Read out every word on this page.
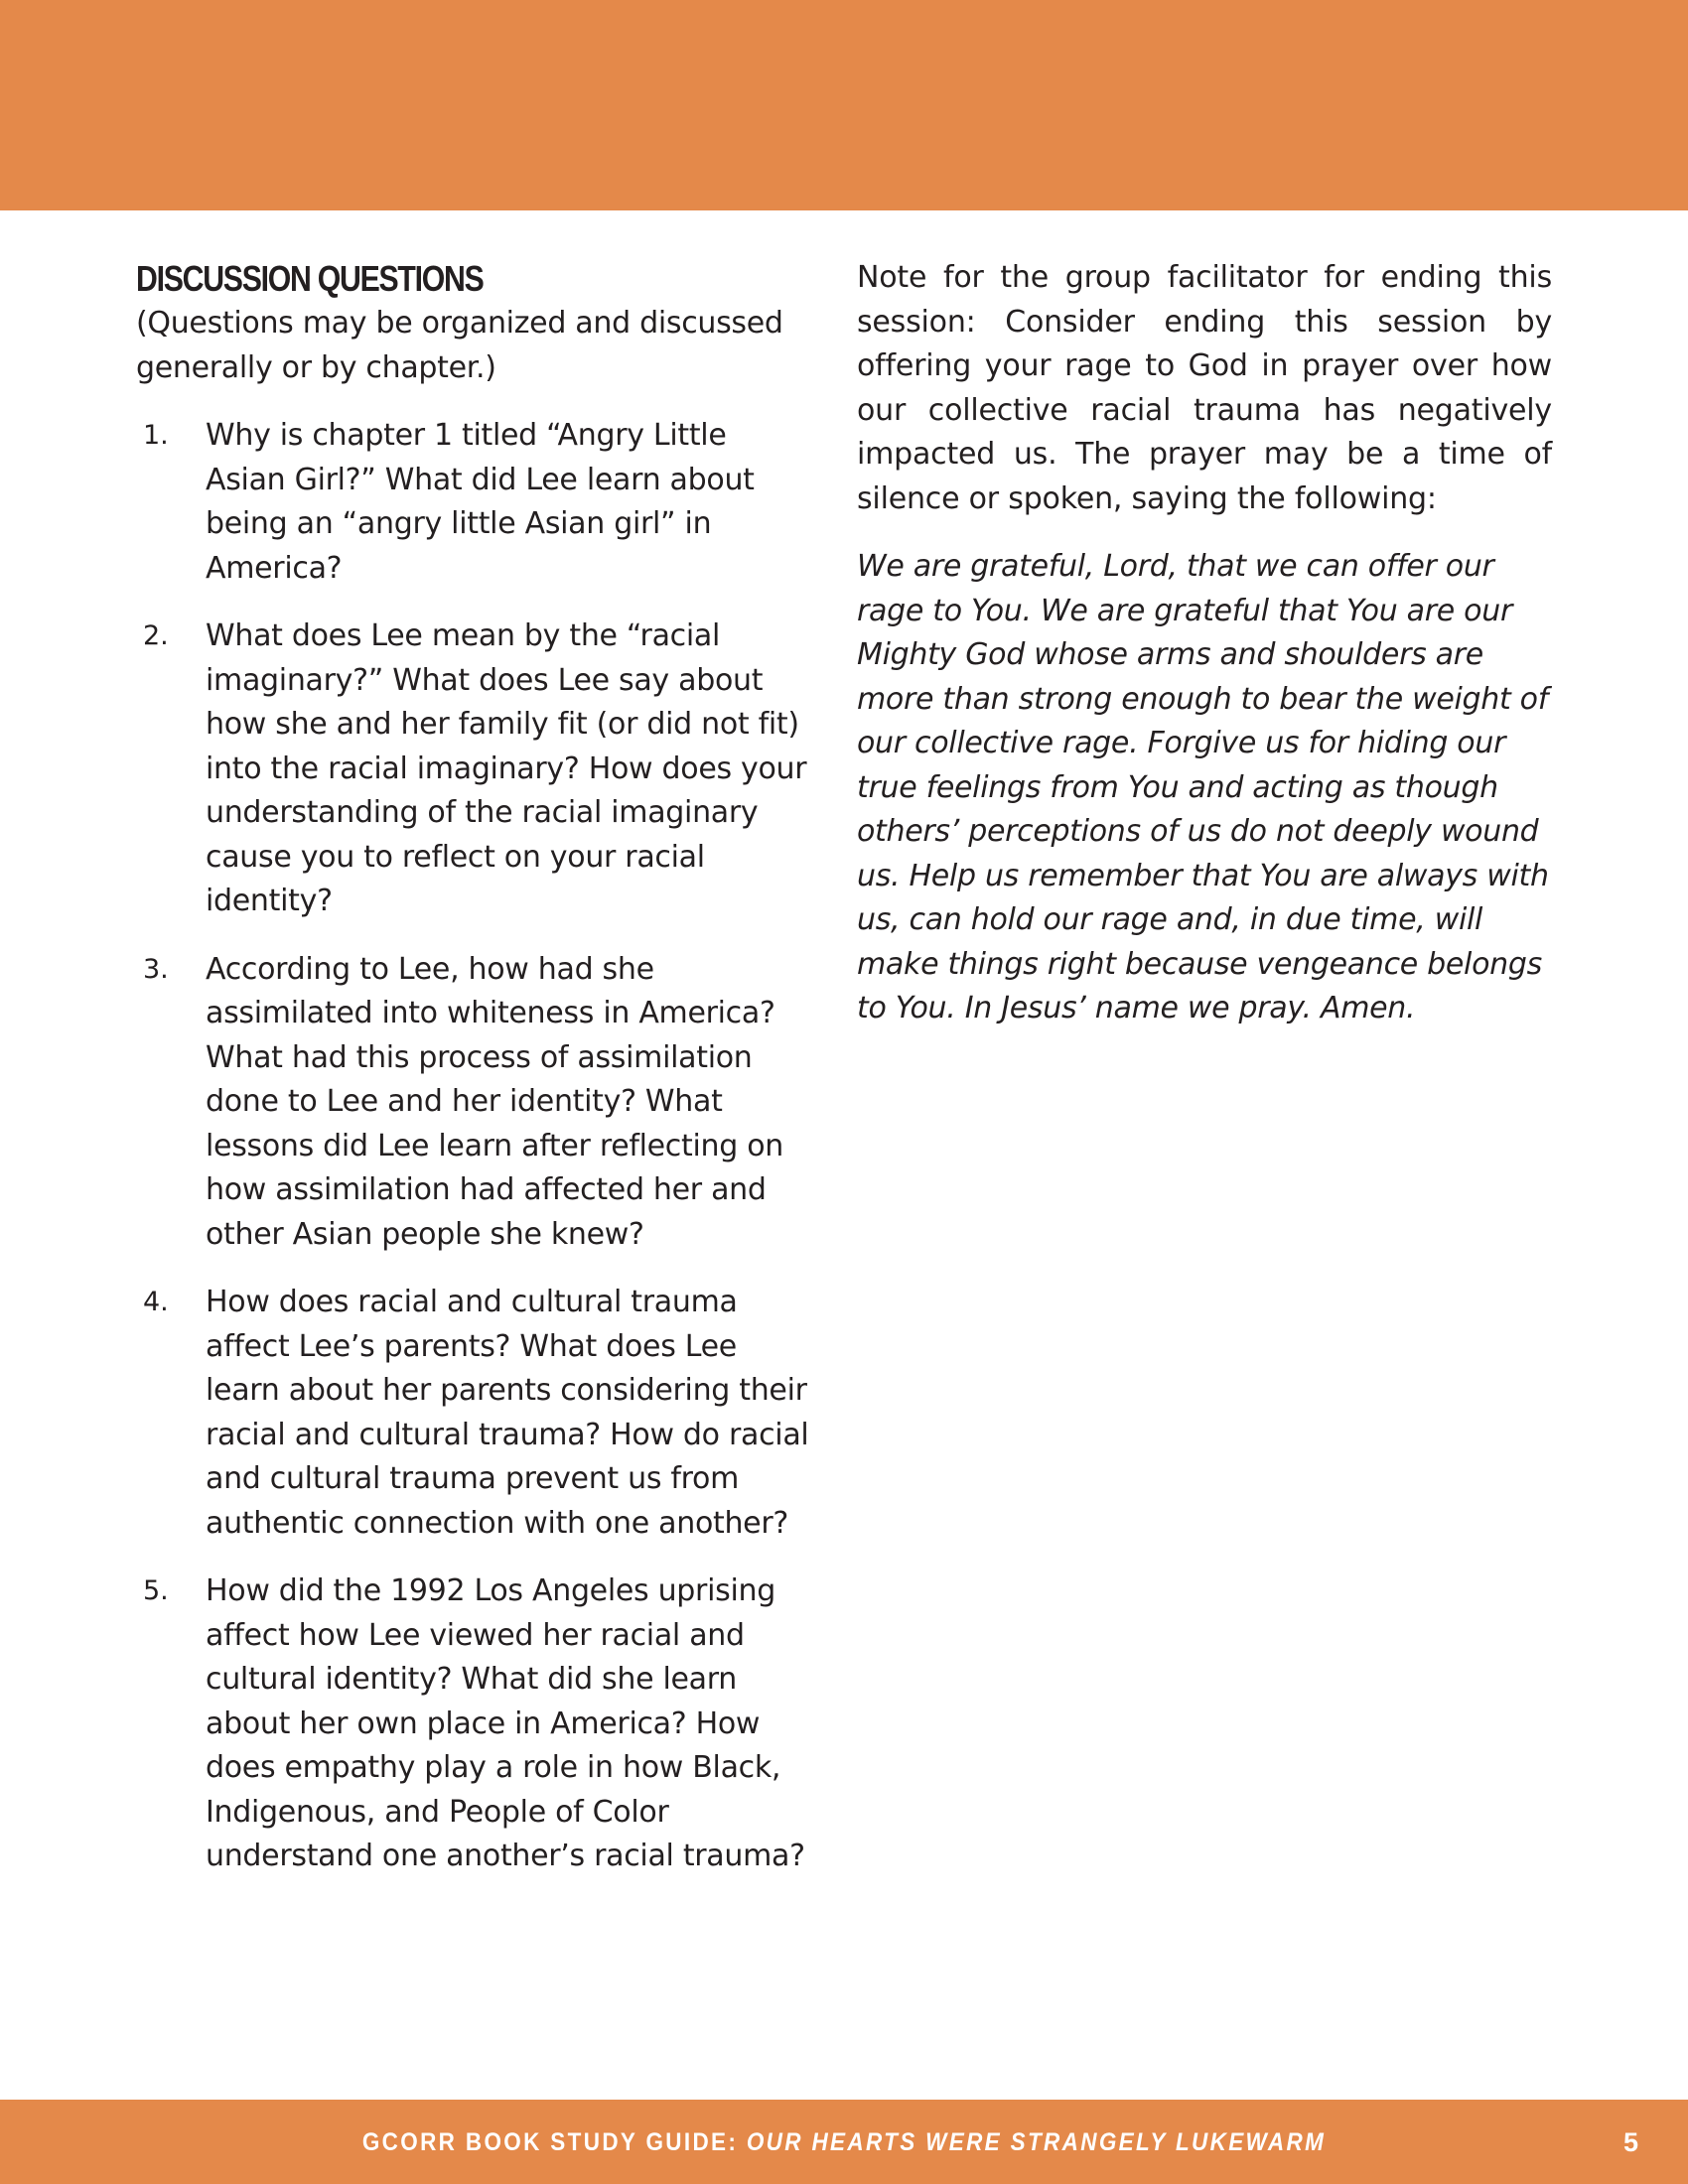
DISCUSSION QUESTIONS

(Questions may be organized and discussed generally or by chapter.)

1.	Why is chapter 1 titled “Angry Little Asian Girl?” What did Lee learn about being an “angry little Asian girl” in America?
2.	What does Lee mean by the “racial imaginary?” What does Lee say about how she and her family fit (or did not fit) into the racial imaginary? How does your understanding of the racial imaginary cause you to reflect on your racial identity?
3.	According to Lee, how had she assimilated into whiteness in America? What had this process of assimilation done to Lee and her identity? What lessons did Lee learn after reflecting on how assimilation had affected her and other Asian people she knew?
4.	How does racial and cultural trauma affect Lee’s parents? What does Lee learn about her parents considering their racial and cultural trauma? How do racial and cultural trauma prevent us from authentic connection with one another?
5.	How did the 1992 Los Angeles uprising affect how Lee viewed her racial and cultural identity? What did she learn about her own place in America? How does empathy play a role in how Black, Indigenous, and People of Color understand one another’s racial trauma?

Note for the group facilitator for ending this session: Consider ending this session by offering your rage to God in prayer over how our collective racial trauma has negatively impacted us. The prayer may be a time of silence or spoken, saying the following:

We are grateful, Lord, that we can offer our rage to You. We are grateful that You are our Mighty God whose arms and shoulders are more than strong enough to bear the weight of our collective rage. Forgive us for hiding our true feelings from You and acting as though others’ perceptions of us do not deeply wound us. Help us remember that You are always with us, can hold our rage and, in due time, will make things right because vengeance belongs to You. In Jesus’ name we pray. Amen.

GCORR BOOK STUDY GUIDE: OUR HEARTS WERE STRANGELY LUKEWARM	5
